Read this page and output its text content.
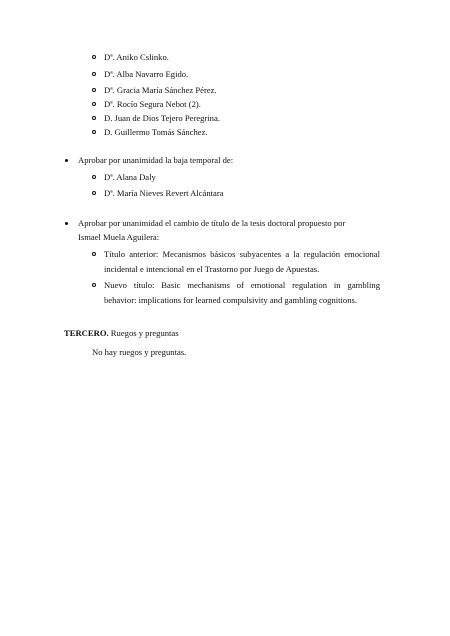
Dª. Aniko Cslinko.
Dª. Alba Navarro Egido.
Dª. Gracia María Sánchez Pérez.
Dª. Rocío Segura Nebot (2).
D. Juan de Dios Tejero Peregrina.
D. Guillermo Tomás Sánchez.
Aprobar por unanimidad la baja temporal de:
Dª. Alana Daly
Dª. María Nieves Revert Alcántara
Aprobar por unanimidad el cambio de título de la tesis doctoral propuesto por
Ismael Muela Aguilera:
Título anterior: Mecanismos básicos subyacentes a la regulación emocional
incidental e intencional en el Trastorno por Juego de Apuestas.
Nuevo título: Basic mechanisms of emotional regulation in gambling
behavior: implications for learned compulsivity and gambling cognitions.
TERCERO. Ruegos y preguntas
No hay ruegos y preguntas.
